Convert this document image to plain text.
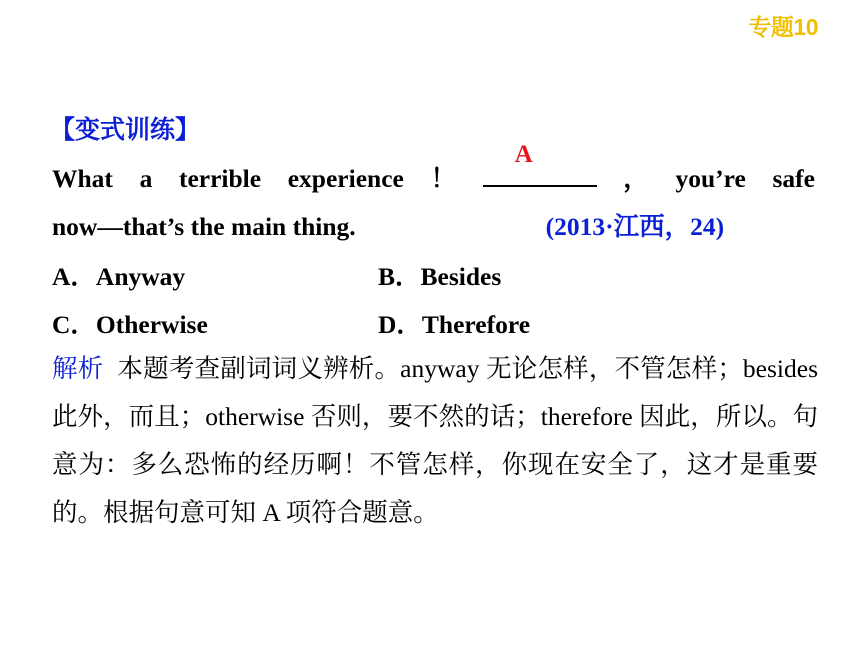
专题10
【变式训练】
What a terrible experience ！
A
， you’re safe
now—that’s the main thing.	(2013·江西，24)
A．Anyway	B．Besides
C．Otherwise	D．Therefore
解析 本题考查副词词义辨析。anyway 无论怎样，不管怎样；besides 此外，而且；otherwise 否则，要不然的话；therefore 因此，所以。句意为：多么恐怖的经历啊！不管怎样，你现在安全了，这才是重要的。根据句意可知 A 项符合题意。
